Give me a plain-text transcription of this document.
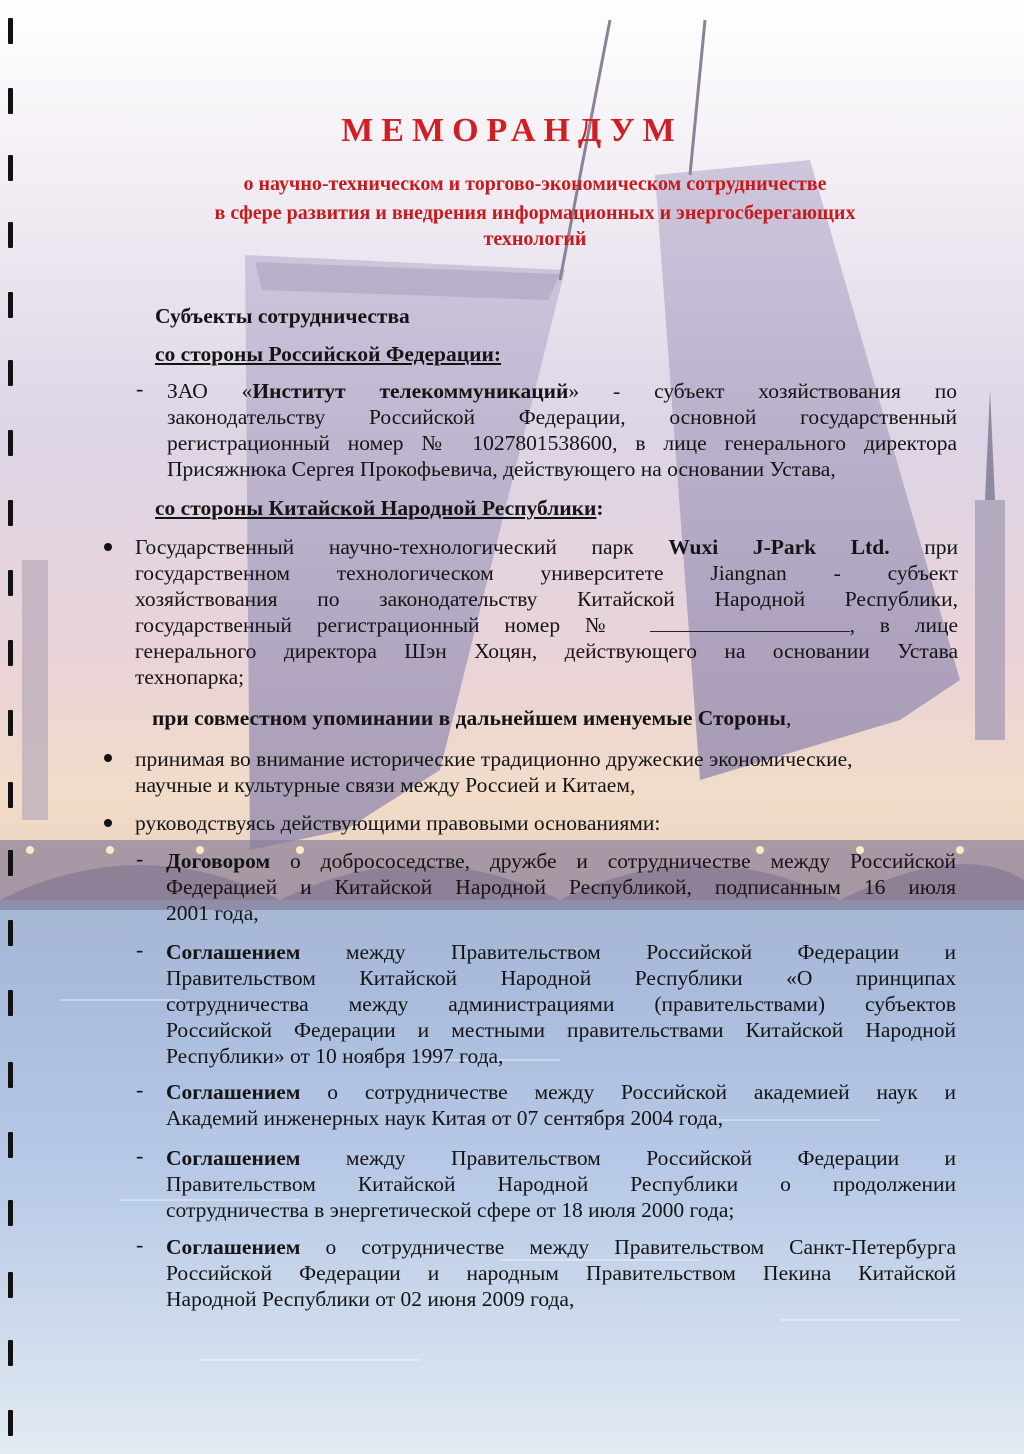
МЕМОРАНДУМ
о научно-техническом и торгово-экономическом сотрудничестве
в сфере развития и внедрения информационных и энергосберегающих
технологий
Субъекты сотрудничества
со стороны Российской Федерации:
- ЗАО «Институт телекоммуникаций» - субъект хозяйствования по
законодательству Российской Федерации, основной государственный
регистрационный номер № 1027801538600, в лице генерального директора
Присяжнюка Сергея Прокофьевича, действующего на основании Устава,
со стороны Китайской Народной Республики:
Государственный научно-технологический парк Wuxi J-Park Ltd. при
государственном технологическом университете Jiangnan - субъект
хозяйствования по законодательству Китайской Народной Республики,
государственный регистрационный номер №	, в лице
генерального директора Шэн Хоцян, действующего на основании Устава
технопарка;
при совместном упоминании в дальнейшем именуемые Стороны,
принимая во внимание исторические традиционно дружеские экономические,
научные и культурные связи между Россией и Китаем,
руководствуясь действующими правовыми основаниями:
- Договором о добрососедстве, дружбе и сотрудничестве между Российской
Федерацией и Китайской Народной Республикой, подписанным 16 июля
2001 года,
- Соглашением между Правительством Российской Федерации и
Правительством Китайской Народной Республики «О принципах
сотрудничества между администрациями (правительствами) субъектов
Российской Федерации и местными правительствами Китайской Народной
Республики» от 10 ноября 1997 года,
- Соглашением о сотрудничестве между Российской академией наук и
Академий инженерных наук Китая от 07 сентября 2004 года,
- Соглашением между Правительством Российской Федерации и
Правительством Китайской Народной Республики о продолжении
сотрудничества в энергетической сфере от 18 июля 2000 года;
- Соглашением о сотрудничестве между Правительством Санкт-Петербурга
Российской Федерации и народным Правительством Пекина Китайской
Народной Республики от 02 июня 2009 года,
